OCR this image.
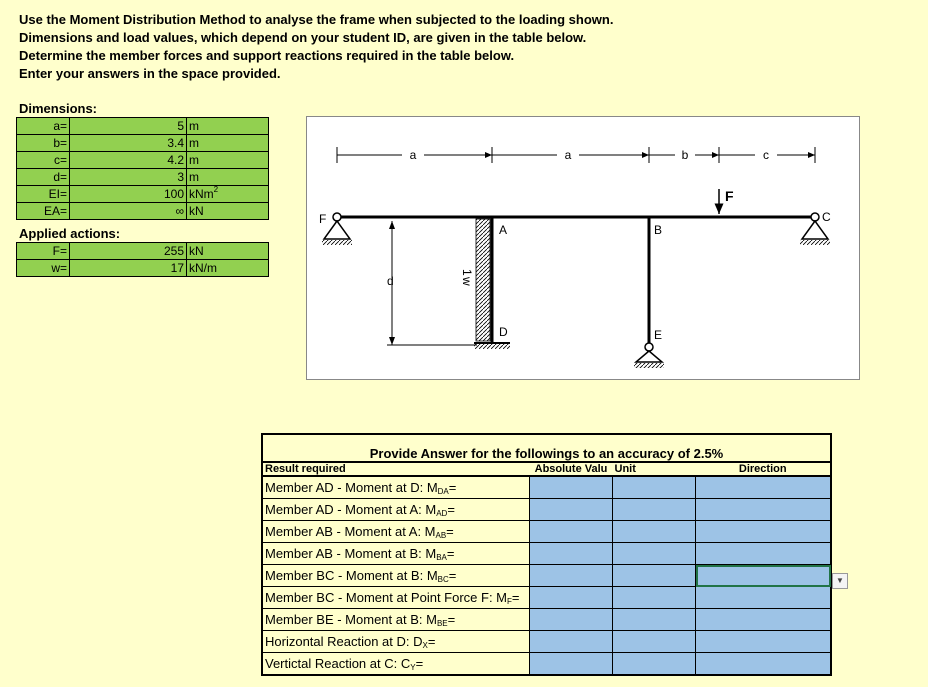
Use the Moment Distribution Method to analyse the frame when subjected to the loading shown.
Dimensions and load values, which depend on your student ID, are given in the table below.
Determine the member forces and support reactions required in the table below.
Enter your answers in the space provided.
Dimensions:
a=	5	m
b=	3.4	m
c=	4.2	m
d=	3	m
EI=	100	kNm$^2$
EA=	∞	kN
Applied actions:
F=	255	kN
w=	17	kN/m
a	a	b	c
w
1
F
d
F
A	B
C
D	E
Provide Answer for the followings to an accuracy of 2.5%			
Result required	Absolute Valu	Unit	Direction
Member AD - Moment at D: $M_{DA}=$			
Member AD - Moment at A: $M_{AD}=$			
Member AB - Moment at A: $M_{AB}=$			
Member AB - Moment at B: $M_{BA}=$			
Member BC - Moment at B: $M_{BC}=$			
Member BC - Moment at Point Force F: $M_F=$			
Member BE - Moment at B: $M_{BE}=$			
Horizontal Reaction at D: $D_X=$			
Vertictal Reaction at C: $C_Y=$			
▼
